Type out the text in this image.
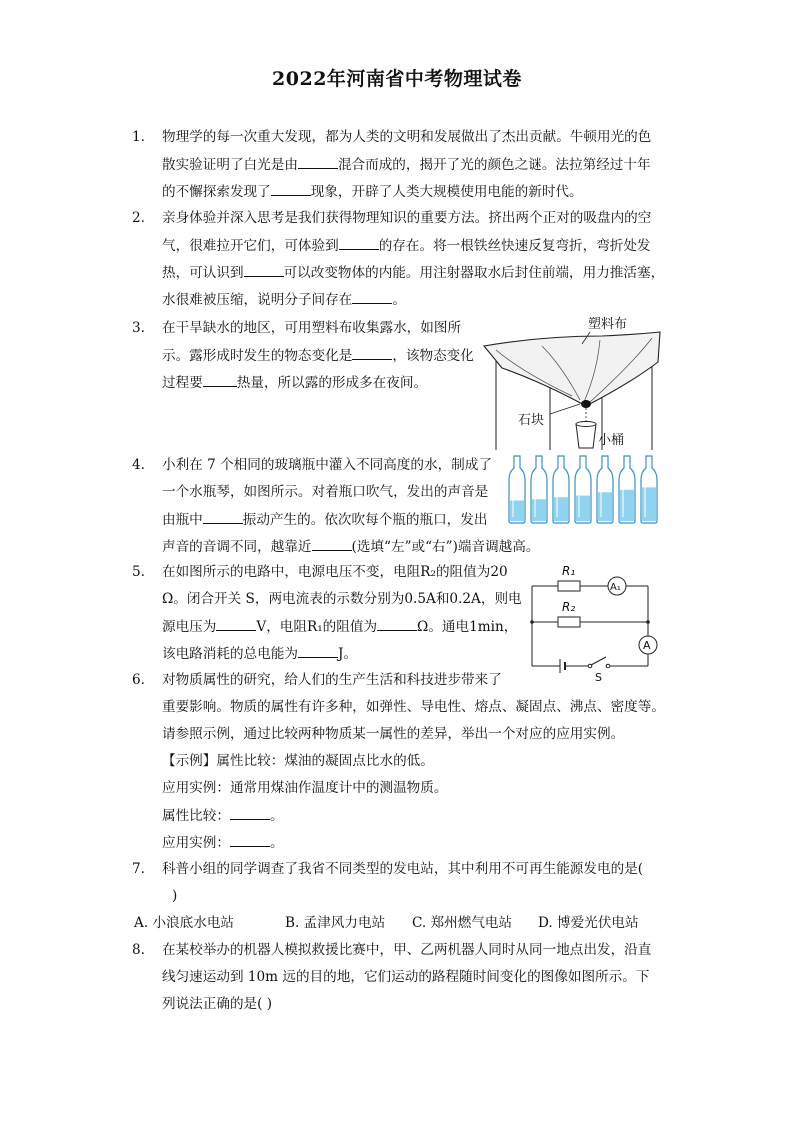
2022年河南省中考物理试卷
1. 物理学的每一次重大发现，都为人类的文明和发展做出了杰出贡献。牛顿用光的色
散实验证明了白光是由	混合而成的，揭开了光的颜色之谜。法拉第经过十年
的不懈探索发现了	现象，开辟了人类大规模使用电能的新时代。
2. 亲身体验并深入思考是我们获得物理知识的重要方法。挤出两个正对的吸盘内的空
气，很难拉开它们，可体验到	的存在。将一根铁丝快速反复弯折，弯折处发
热，可认识到	可以改变物体的内能。用注射器取水后封住前端，用力推活塞，
水很难被压缩，说明分子间存在	。
3. 在干旱缺水的地区，可用塑料布收集露水，如图所
示。露形成时发生的物态变化是	，该物态变化
过程要	热量，所以露的形成多在夜间。
塑料布
石块
小桶
4. 小利在 7 个相同的玻璃瓶中灌入不同高度的水，制成了
一个水瓶琴，如图所示。对着瓶口吹气，发出的声音是
由瓶中	振动产生的。依次吹每个瓶的瓶口，发出
声音的音调不同，越靠近	(选填“左”或“右”)端音调越高。
5. 在如图所示的电路中，电源电压不变，电阻R₂的阻值为20
Ω。闭合开关 S，两电流表的示数分别为0.5A和0.2A，则电
源电压为	V，电阻R₁的阻值为	Ω。通电1min，
该电路消耗的总电能为	J。
R₁
R₂
A₁
A
S
6. 对物质属性的研究，给人们的生产生活和科技进步带来了
重要影响。物质的属性有许多种，如弹性、导电性、熔点、凝固点、沸点、密度等。
请参照示例，通过比较两种物质某一属性的差异，举出一个对应的应用实例。
【示例】属性比较：煤油的凝固点比水的低。
应用实例：通常用煤油作温度计中的测温物质。
属性比较：	。
应用实例：	。
7. 科普小组的同学调查了我省不同类型的发电站，其中利用不可再生能源发电的是(
)
A. 小浪底水电站	B. 孟津风力电站 C. 郑州燃气电站 D. 博爱光伏电站
8. 在某校举办的机器人模拟救援比赛中，甲、乙两机器人同时从同一地点出发，沿直
线匀速运动到 10m 远的目的地，它们运动的路程随时间变化的图像如图所示。下
列说法正确的是( )
